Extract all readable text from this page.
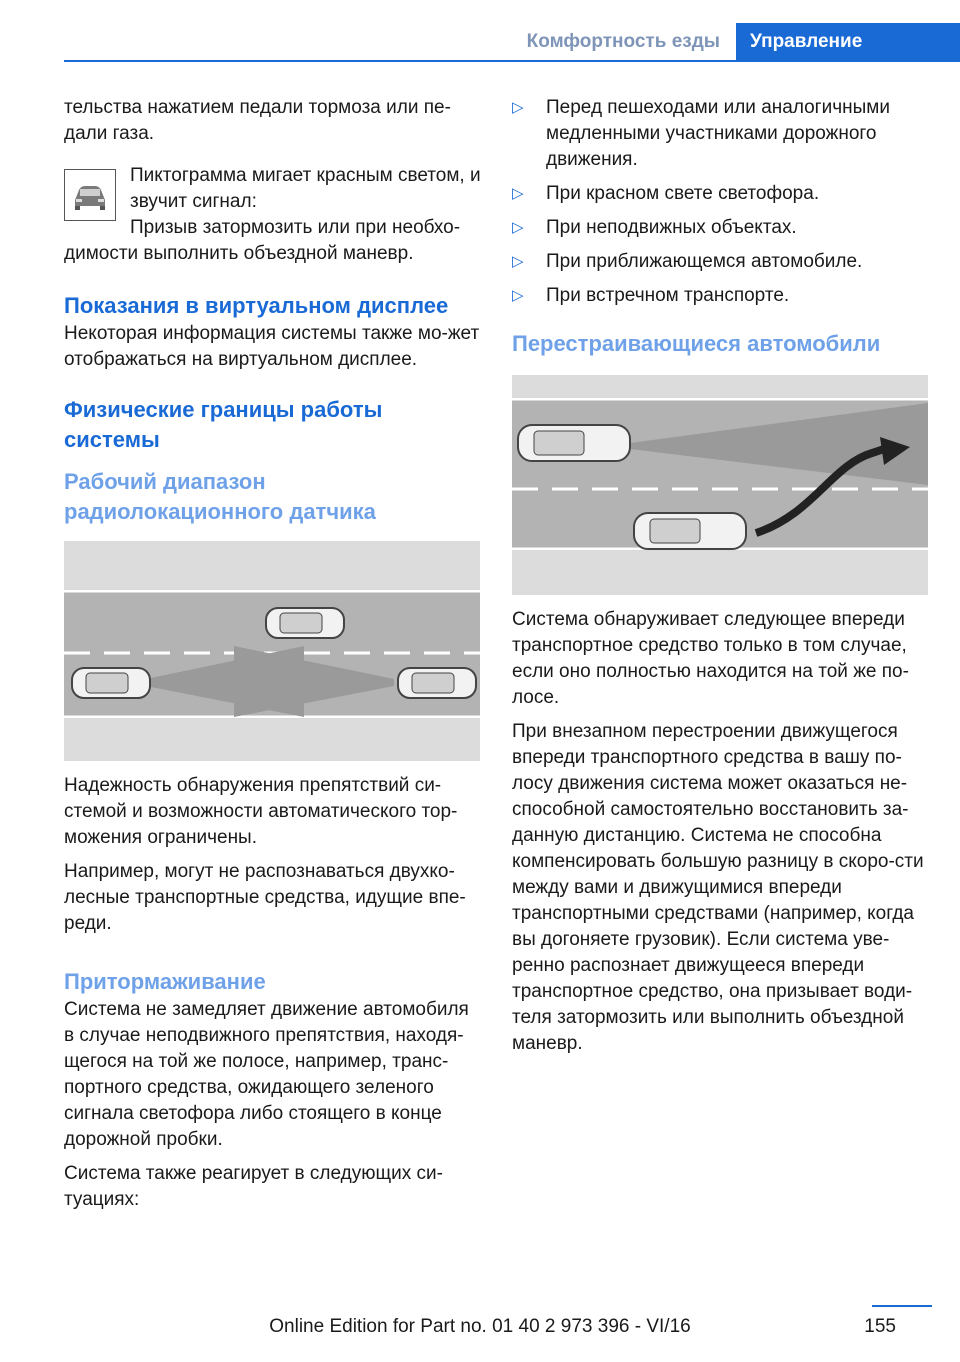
Комфортность езды	Управление

тельства нажатием педали тормоза или пе-дали газа.

Пиктограмма мигает красным светом, и звучит сигнал:

Призыв затормозить или при необхо-димости выполнить объездной маневр.

Показания в виртуальном дисплее

Некоторая информация системы также мо-жет отображаться на виртуальном дисплее.

Физические границы работы системы
Рабочий диапазон радиолокационного датчика

Надежность обнаружения препятствий си-стемой и возможности автоматического тор-можения ограничены.

Например, могут не распознаваться двухко-лесные транспортные средства, идущие впе-реди.

Притормаживание

Система не замедляет движение автомобиля в случае неподвижного препятствия, находя-щегося на той же полосе, например, транс-портного средства, ожидающего зеленого сигнала светофора либо стоящего в конце дорожной пробки.

Система также реагирует в следующих си-туациях:

▷ Перед пешеходами или аналогичными медленными участниками дорожного движения.
▷ При красном свете светофора.
▷ При неподвижных объектах.
▷ При приближающемся автомобиле.
▷ При встречном транспорте.
Перестраивающиеся автомобили

Система обнаруживает следующее впереди транспортное средство только в том случае, если оно полностью находится на той же по-лосе.

При внезапном перестроении движущегося впереди транспортного средства в вашу по-лосу движения система может оказаться не-способной самостоятельно восстановить за-данную дистанцию. Система не способна компенсировать большую разницу в скоро-сти между вами и движущимися впереди транспортными средствами (например, когда вы догоняете грузовик). Если система уве-ренно распознает движущееся впереди транспортное средство, она призывает води-теля затормозить или выполнить объездной маневр.

Online Edition for Part no. 01 40 2 973 396 - VI/16	155
